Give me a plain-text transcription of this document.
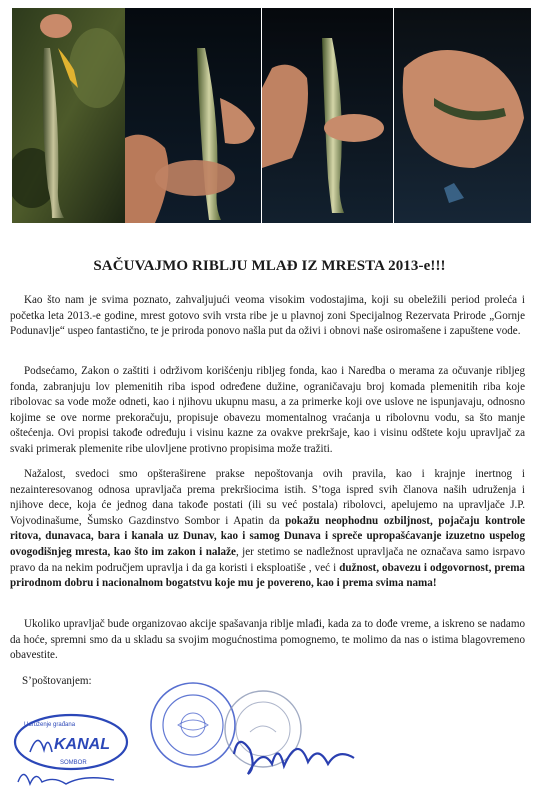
SAČUVAJMO RIBLJU MLAĐ IZ MRESTA 2013-e!!!

Kao što nam je svima poznato, zahvaljujući veoma visokim vodostajima, koji su obeležili period proleća i početka leta 2013.-e godine, mrest gotovo svih vrsta ribe je u plavnoj zoni Specijalnog Rezervata Prirode „Gornje Podunavlje“ uspeo fantastično, te je priroda ponovo našla put da oživi i obnovi naše osiromašene i zapuštene vode.

Podsećamo, Zakon o zaštiti i održivom korišćenju ribljeg fonda, kao i Naredba o merama za očuvanje ribljeg fonda, zabranjuju lov plemenitih riba ispod određene dužine, ograničavaju broj komada plemenitih riba koje ribolovac sa vode može odneti, kao i njihovu ukupnu masu, a za primerke koji ove uslove ne ispunjavaju, odnosno kojime se ove norme prekoračuju, propisuje obavezu momentalnog vraćanja u ribolovnu vodu, sa što manje oštećenja. Ovi propisi takođe određuju i visinu kazne za ovakve prekršaje, kao i visinu odštete koju upravljač za svaki primerak plemenite ribe ulovljene protivno propisima može tražiti.

Nažalost, svedoci smo opšteraširene prakse nepoštovanja ovih pravila, kao i krajnje inertnog i nezainteresovanog odnosa upravljača prema prekršiocima istih. S’toga ispred svih članova naših udruženja i njihove dece, koja će jednog dana takođe postati (ili su već postala) ribolovci, apelujemo na upravljače J.P. Vojvodinašume, Šumsko Gazdinstvo Sombor i Apatin da pokažu neophodnu ozbiljnost, pojačaju kontrole ritova, dunavaca, bara i kanala uz Dunav, kao i samog Dunava i spreče upropašćavanje izuzetno uspelog ovogodišnjeg mresta, kao što im zakon i nalaže, jer stetimo se nadležnost upravljača ne označava samo isrpavo pravo da na nekim područjem upravlja i da ga koristi i eksploatiše , već i dužnost, obavezu i odgovornost, prema prirodnom dobru i nacionalnom bogatstvu koje mu je povereno, kao i prema svima nama!

Ukoliko upravljač bude organizovao akcije spašavanja riblje mlađi, kada za to dođe vreme, a iskreno se nadamo da hoće, spremni smo da u skladu sa svojim mogućnostima pomognemo, te molimo da nas o istima blagovremeno obavestite.

S’poštovanjem:
Udruženje građana
KANAL
SOMBOR
